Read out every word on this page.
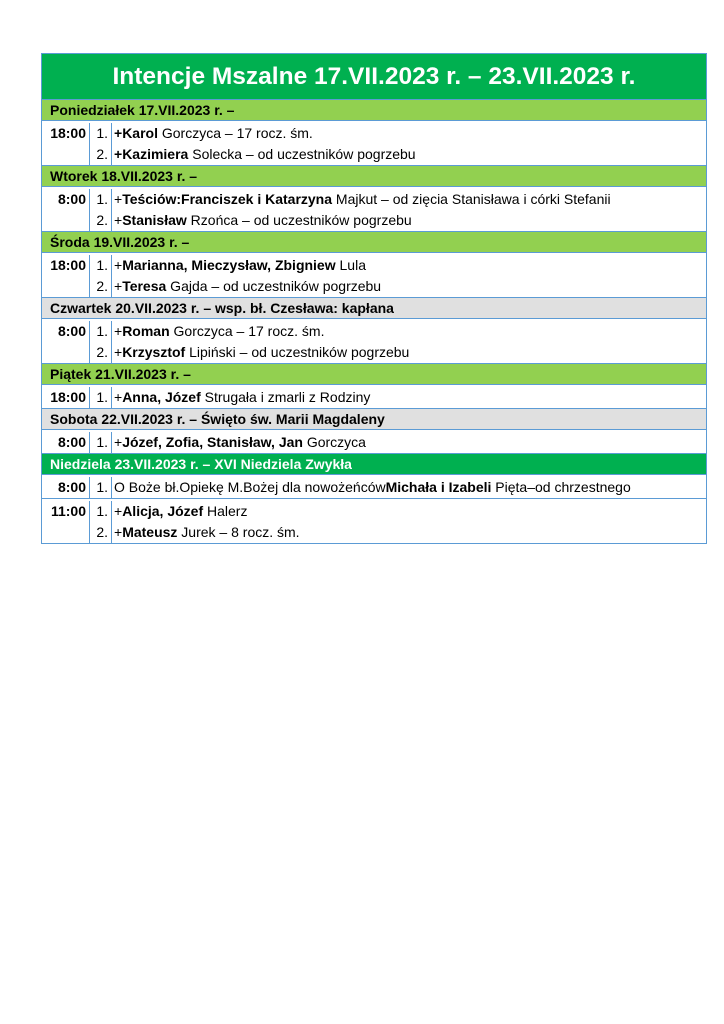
Intencje Mszalne 17.VII.2023 r. – 23.VII.2023 r.
Poniedziałek 17.VII.2023 r. –
18:00 1. +Karol Gorczyca – 17 rocz. śm.
2. +Kazimiera Solecka – od uczestników pogrzebu
Wtorek 18.VII.2023 r. –
8:00 1. +Teściów:Franciszek i Katarzyna Majkut – od zięcia Stanisława i córki Stefanii
2. +Stanisław Rzońca – od uczestników pogrzebu
Środa 19.VII.2023 r. –
18:00 1. +Marianna, Mieczysław, Zbigniew Lula
2. +Teresa Gajda – od uczestników pogrzebu
Czwartek 20.VII.2023 r. – wsp. bł. Czesława: kapłana
8:00 1. +Roman Gorczyca – 17 rocz. śm.
2. +Krzysztof Lipiński – od uczestników pogrzebu
Piątek 21.VII.2023 r. –
18:00 1. +Anna, Józef Strugała i zmarli z Rodziny
Sobota 22.VII.2023 r. – Święto św. Marii Magdaleny
8:00 1. +Józef, Zofia, Stanisław, Jan Gorczyca
Niedziela 23.VII.2023 r. – XVI Niedziela Zwykła
8:00 1. O Boże bł.Opiekę M.Bożej dla nowożeńcówMichała i Izabeli Pięta–od chrzestnego
11:00 1. +Alicja, Józef Halerz
2. +Mateusz Jurek – 8 rocz. śm.
